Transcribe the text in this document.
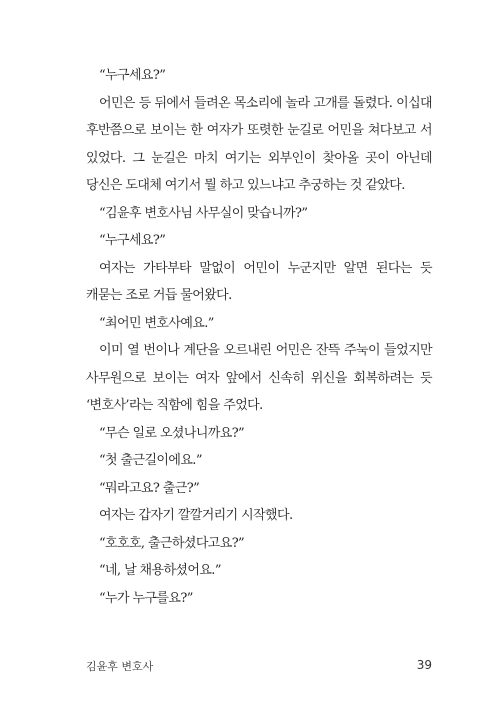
“누구세요?”

어민은 등 뒤에서 들려온 목소리에 놀라 고개를 돌렸다. 이십대 후반쯤으로 보이는 한 여자가 또렷한 눈길로 어민을 쳐다보고 서 있었다. 그 눈길은 마치 여기는 외부인이 찾아올 곳이 아닌데 당신은 도대체 여기서 뭘 하고 있느냐고 추궁하는 것 같았다.

“김윤후 변호사님 사무실이 맞습니까?”

“누구세요?”

여자는 가타부타 말없이 어민이 누군지만 알면 된다는 듯 캐묻는 조로 거듭 물어왔다.

“최어민 변호사예요.”

이미 열 번이나 계단을 오르내린 어민은 잔뜩 주눅이 들었지만 사무원으로 보이는 여자 앞에서 신속히 위신을 회복하려는 듯 ‘변호사’라는 직함에 힘을 주었다.

“무슨 일로 오셨나니까요?”

“첫 출근길이에요.”

“뭐라고요? 출근?”

여자는 갑자기 깔깔거리기 시작했다.

“호호호, 출근하셨다고요?”

“네, 날 채용하셨어요.”

“누가 누구를요?”

김윤후 변호사	39
